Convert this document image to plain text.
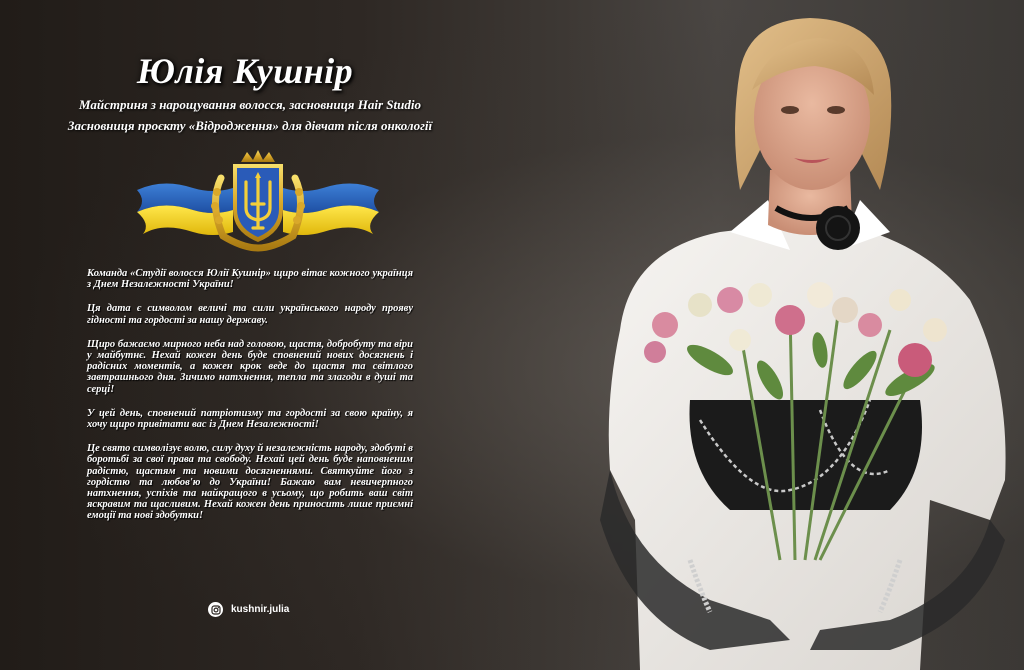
Юлія Кушнір
Майстриня з нарощування волосся, засновниця Hair Studio
Засновниця проєкту «Відродження» для дівчат після онкології

Команда «Студії волосся Юлії Кушнір» щиро вітає кожного українця з Днем Незалежності України!

Ця дата є символом величі та сили українського народу прояву гідності та гордості за нашу державу.

Щиро бажаємо мирного неба над головою, щастя, добробуту та віри у майбутнє. Нехай кожен день буде сповнений нових досягнень і радісних моментів, а кожен крок веде до щастя та світлого завтрашнього дня. Зичимо натхнення, тепла та злагоди в душі та серці!

У цей день, сповнений патріотизму та гордості за свою країну, я хочу щиро привітати вас із Днем Незалежності!

Це свято символізує волю, силу духу й незалежність народу, здобуті в боротьбі за свої права та свободу. Нехай цей день буде наповненим радістю, щастям та новими досягненнями. Святкуйте його з гордістю та любов'ю до України! Бажаю вам невичерпного натхнення, успіхів та найкращого в усьому, що робить ваш світ яскравим та щасливим. Нехай кожен день приносить лише приємні емоції та нові здобутки!

kushnir.julia
